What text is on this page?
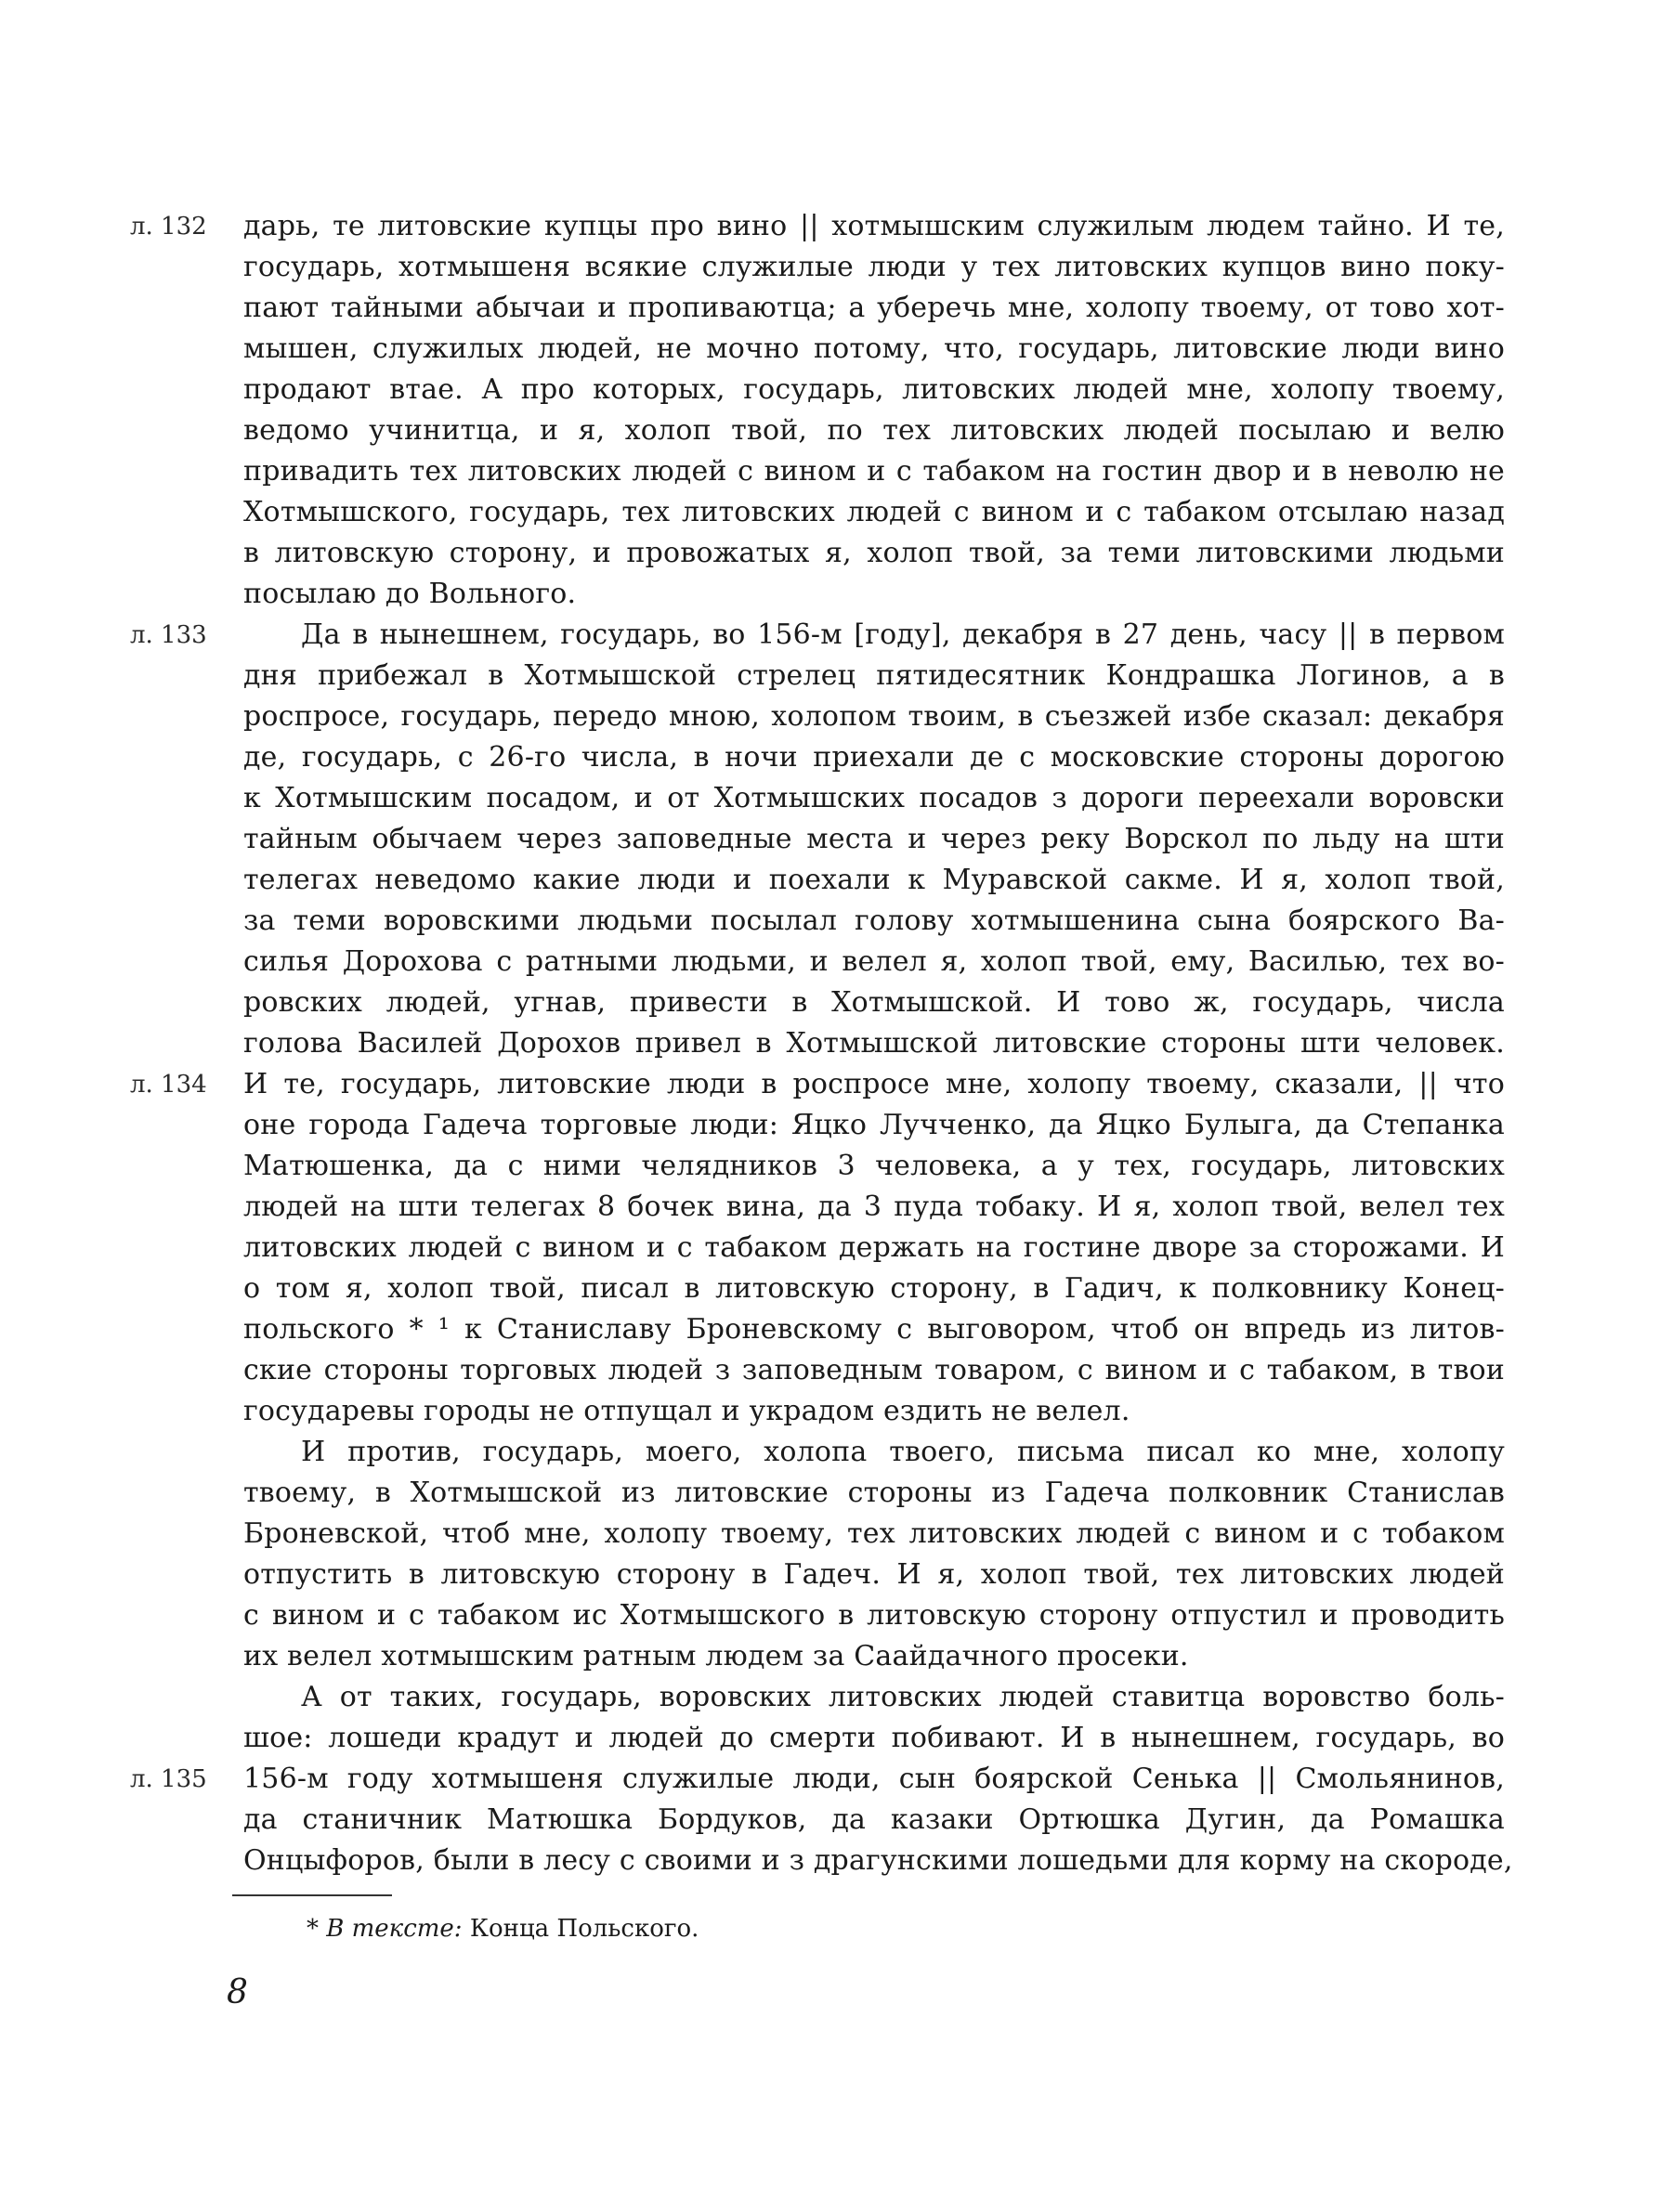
л. 132
л. 133
л. 134
л. 135
дарь, те литовские купцы про вино || хотмышским служилым людем тайно. И те,
государь, хотмышеня всякие служилые люди у тех литовских купцов вино поку-
пают тайными абычаи и пропиваютца; а уберечь мне, холопу твоему, от тово хот-
мышен, служилых людей, не мочно потому, что, государь, литовские люди вино
продают втае. А про которых, государь, литовских людей мне, холопу твоему,
ведомо учинитца, и я, холоп твой, по тех литовских людей посылаю и велю
привадить тех литовских людей с вином и с табаком на гостин двор и в неволю не
Хотмышского, государь, тех литовских людей с вином и с табаком отсылаю назад
в литовскую сторону, и провожатых я, холоп твой, за теми литовскими людьми
посылаю до Вольного.
Да в нынешнем, государь, во 156-м [году], декабря в 27 день, часу || в первом
дня прибежал в Хотмышской стрелец пятидесятник Кондрашка Логинов, а в
роспросе, государь, передо мною, холопом твоим, в съезжей избе сказал: декабря
де, государь, с 26-го числа, в ночи приехали де с московские стороны дорогою
к Хотмышским посадом, и от Хотмышских посадов з дороги переехали воровски
тайным обычаем через заповедные места и через реку Ворскол по льду на шти
телегах неведомо какие люди и поехали к Муравской сакме. И я, холоп твой,
за теми воровскими людьми посылал голову хотмышенина сына боярского Ва-
силья Дорохова с ратными людьми, и велел я, холоп твой, ему, Василью, тех во-
ровских людей, угнав, привести в Хотмышской. И тово ж, государь, числа
голова Василей Дорохов привел в Хотмышской литовские стороны шти человек.
И те, государь, литовские люди в роспросе мне, холопу твоему, сказали, || что
оне города Гадеча торговые люди: Яцко Лучченко, да Яцко Булыга, да Степанка
Матюшенка, да с ними челядников 3 человека, а у тех, государь, литовских
людей на шти телегах 8 бочек вина, да 3 пуда тобаку. И я, холоп твой, велел тех
литовских людей с вином и с табаком держать на гостине дворе за сторожами. И
о том я, холоп твой, писал в литовскую сторону, в Гадич, к полковнику Конец-
польского * ¹ к Станиславу Броневскому с выговором, чтоб он впредь из литов-
ские стороны торговых людей з заповедным товаром, с вином и с табаком, в твои
государевы городы не отпущал и украдом ездить не велел.
И против, государь, моего, холопа твоего, письма писал ко мне, холопу
твоему, в Хотмышской из литовские стороны из Гадеча полковник Станислав
Броневской, чтоб мне, холопу твоему, тех литовских людей с вином и с тобаком
отпустить в литовскую сторону в Гадеч. И я, холоп твой, тех литовских людей
с вином и с табаком ис Хотмышского в литовскую сторону отпустил и проводить
их велел хотмышским ратным людем за Саайдачного просеки.
А от таких, государь, воровских литовских людей ставитца воровство боль-
шое: лошеди крадут и людей до смерти побивают. И в нынешнем, государь, во
156-м году хотмышеня служилые люди, сын боярской Сенька || Смольянинов,
да станичник Матюшка Бордуков, да казаки Ортюшка Дугин, да Ромашка
Онцыфоров, были в лесу с своими и з драгунскими лошедьми для корму на скороде,
* В тексте: Конца Польского.
8
